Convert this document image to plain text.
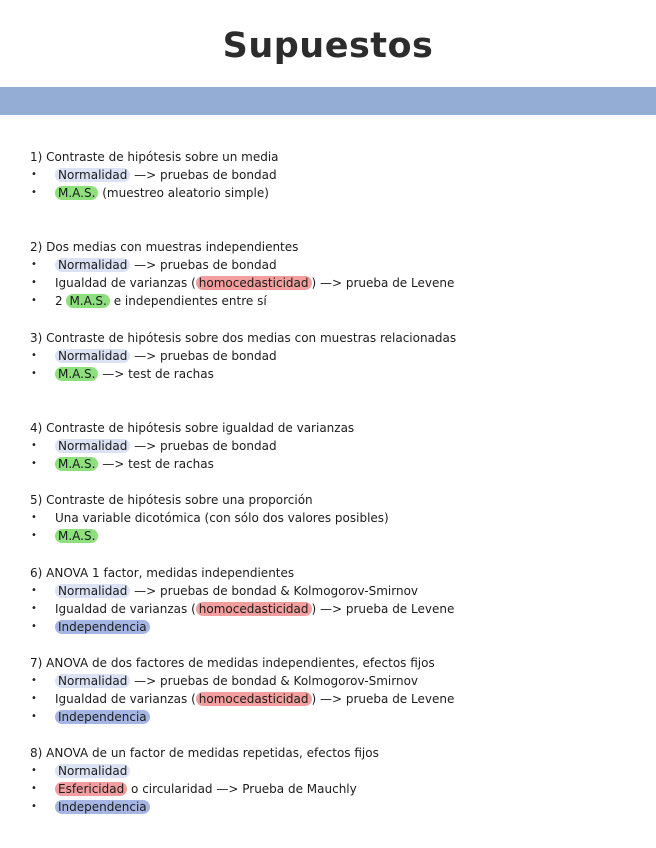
Supuestos
1) Contraste de hipótesis sobre un media
• Normalidad —> pruebas de bondad
• M.A.S. (muestreo aleatorio simple)
2) Dos medias con muestras independientes
• Normalidad —> pruebas de bondad
• Igualdad de varianzas ( homocedasticidad ) —> prueba de Levene
• 2 M.A.S. e independientes entre sí
3) Contraste de hipótesis sobre dos medias con muestras relacionadas
• Normalidad —> pruebas de bondad
• M.A.S. —> test de rachas
4) Contraste de hipótesis sobre igualdad de varianzas
• Normalidad —> pruebas de bondad
• M.A.S. —> test de rachas
5) Contraste de hipótesis sobre una proporción
• Una variable dicotómica (con sólo dos valores posibles)
• M.A.S.
6) ANOVA 1 factor, medidas independientes
• Normalidad —> pruebas de bondad & Kolmogorov-Smirnov
• Igualdad de varianzas ( homocedasticidad ) —> prueba de Levene
• Independencia
7) ANOVA de dos factores de medidas independientes, efectos fijos
• Normalidad —> pruebas de bondad & Kolmogorov-Smirnov
• Igualdad de varianzas ( homocedasticidad ) —> prueba de Levene
• Independencia
8) ANOVA de un factor de medidas repetidas, efectos fijos
• Normalidad
• Esfericidad o circularidad —> Prueba de Mauchly
• Independencia
